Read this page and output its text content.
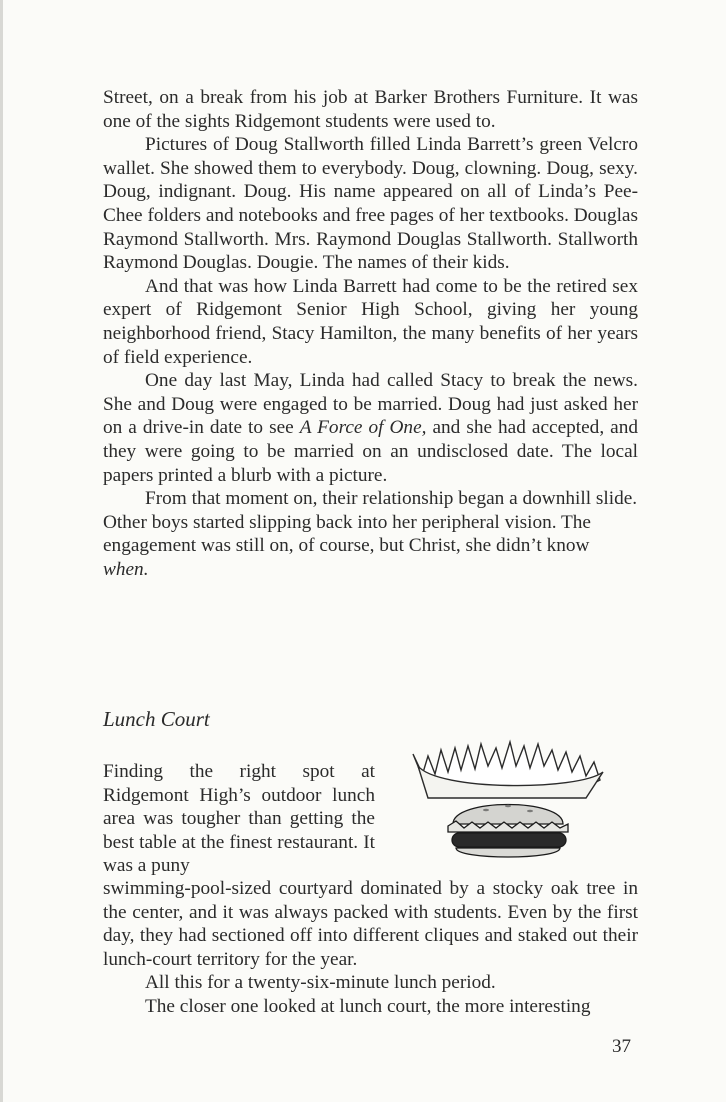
Street, on a break from his job at Barker Brothers Furniture. It was one of the sights Ridgemont students were used to.

Pictures of Doug Stallworth filled Linda Barrett’s green Velcro wallet. She showed them to everybody. Doug, clowning. Doug, sexy. Doug, indignant. Doug. His name appeared on all of Linda’s Pee-Chee folders and notebooks and free pages of her textbooks. Douglas Raymond Stallworth. Mrs. Raymond Douglas Stallworth. Stallworth Raymond Douglas. Dougie. The names of their kids.

And that was how Linda Barrett had come to be the retired sex expert of Ridgemont Senior High School, giving her young neighborhood friend, Stacy Hamilton, the many benefits of her years of field experience.

One day last May, Linda had called Stacy to break the news. She and Doug were engaged to be married. Doug had just asked her on a drive-in date to see A Force of One, and she had accepted, and they were going to be married on an undisclosed date. The local papers printed a blurb with a picture.

From that moment on, their relationship began a downhill slide. Other boys started slipping back into her peripheral vision. The engagement was still on, of course, but Christ, she didn’t know when.

Lunch Court
Finding the right spot at Ridgemont High’s outdoor lunch area was tougher than getting the best table at the finest restaurant. It was a puny

swimming-pool-sized courtyard dominated by a stocky oak tree in the center, and it was always packed with students. Even by the first day, they had sectioned off into different cliques and staked out their lunch-court territory for the year.

All this for a twenty-six-minute lunch period.

The closer one looked at lunch court, the more interesting

37
